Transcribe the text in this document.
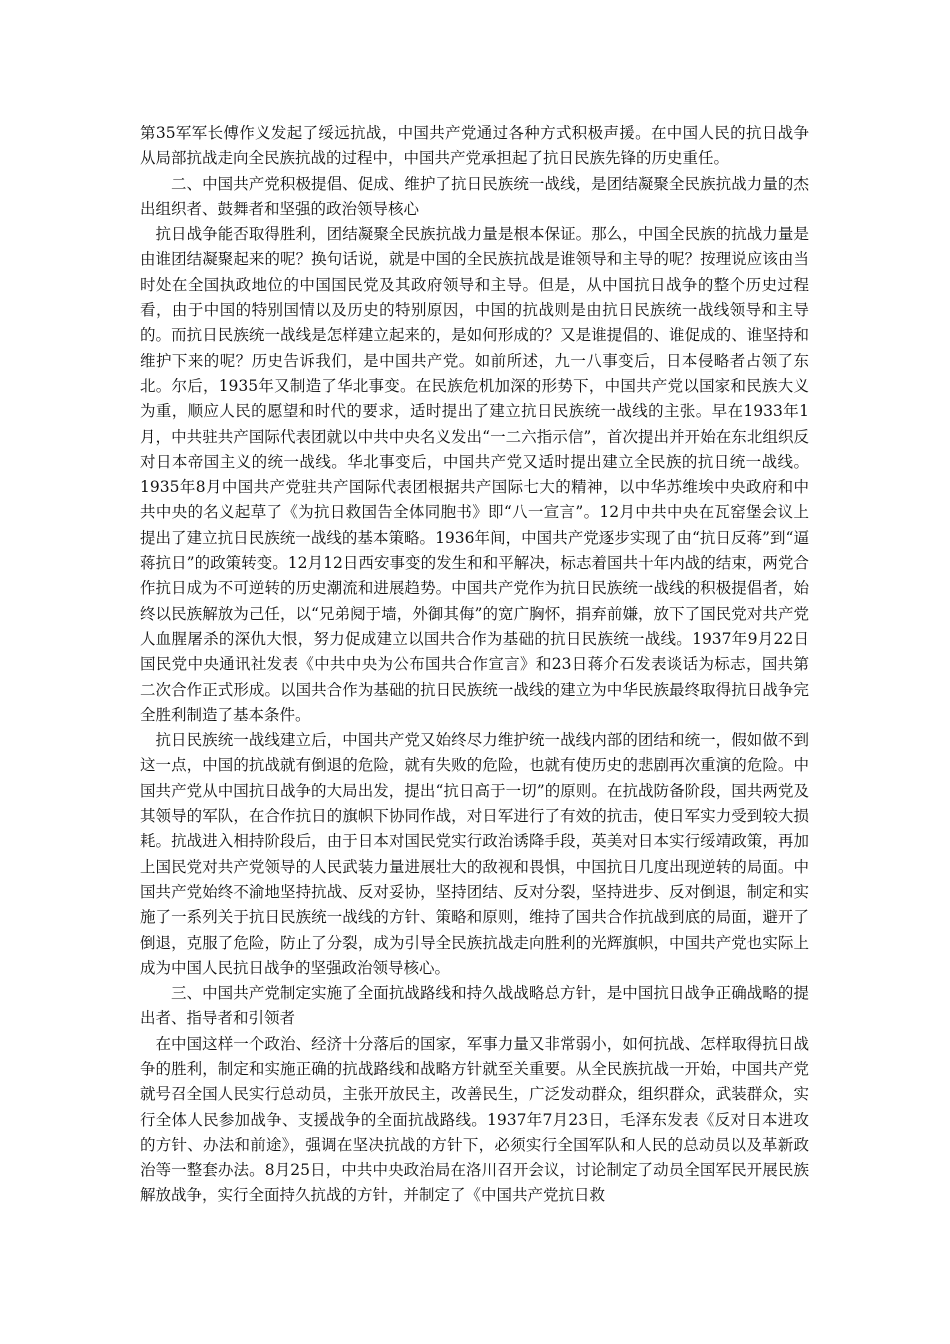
第35军军长傅作义发起了绥远抗战，中国共产党通过各种方式积极声援。在中国人民的抗日战争从局部抗战走向全民族抗战的过程中，中国共产党承担起了抗日民族先锋的历史重任。

二、中国共产党积极提倡、促成、维护了抗日民族统一战线，是团结凝聚全民族抗战力量的杰出组织者、鼓舞者和坚强的政治领导核心

抗日战争能否取得胜利，团结凝聚全民族抗战力量是根本保证。那么，中国全民族的抗战力量是由谁团结凝聚起来的呢？换句话说，就是中国的全民族抗战是谁领导和主导的呢？按理说应该由当时处在全国执政地位的中国国民党及其政府领导和主导。但是，从中国抗日战争的整个历史过程看，由于中国的特别国情以及历史的特别原因，中国的抗战则是由抗日民族统一战线领导和主导的。而抗日民族统一战线是怎样建立起来的，是如何形成的？又是谁提倡的、谁促成的、谁坚持和维护下来的呢？历史告诉我们，是中国共产党。如前所述，九一八事变后，日本侵略者占领了东北。尔后，1935年又制造了华北事变。在民族危机加深的形势下，中国共产党以国家和民族大义为重，顺应人民的愿望和时代的要求，适时提出了建立抗日民族统一战线的主张。早在1933年1月，中共驻共产国际代表团就以中共中央名义发出“一二六指示信”，首次提出并开始在东北组织反对日本帝国主义的统一战线。华北事变后，中国共产党又适时提出建立全民族的抗日统一战线。1935年8月中国共产党驻共产国际代表团根据共产国际七大的精神，以中华苏维埃中央政府和中共中央的名义起草了《为抗日救国告全体同胞书》即“八一宣言”。12月中共中央在瓦窑堡会议上提出了建立抗日民族统一战线的基本策略。1936年间，中国共产党逐步实现了由“抗日反蒋”到“逼蒋抗日”的政策转变。12月12日西安事变的发生和和平解决，标志着国共十年内战的结束，两党合作抗日成为不可逆转的历史潮流和进展趋势。中国共产党作为抗日民族统一战线的积极提倡者，始终以民族解放为己任，以“兄弟阋于墙，外御其侮”的宽广胸怀，捐弃前嫌，放下了国民党对共产党人血腥屠杀的深仇大恨，努力促成建立以国共合作为基础的抗日民族统一战线。1937年9月22日国民党中央通讯社发表《中共中央为公布国共合作宣言》和23日蒋介石发表谈话为标志，国共第二次合作正式形成。以国共合作为基础的抗日民族统一战线的建立为中华民族最终取得抗日战争完全胜利制造了基本条件。

抗日民族统一战线建立后，中国共产党又始终尽力维护统一战线内部的团结和统一，假如做不到这一点，中国的抗战就有倒退的危险，就有失败的危险，也就有使历史的悲剧再次重演的危险。中国共产党从中国抗日战争的大局出发，提出“抗日高于一切”的原则。在抗战防备阶段，国共两党及其领导的军队，在合作抗日的旗帜下协同作战，对日军进行了有效的抗击，使日军实力受到较大损耗。抗战进入相持阶段后，由于日本对国民党实行政治诱降手段，英美对日本实行绥靖政策，再加上国民党对共产党领导的人民武装力量进展壮大的敌视和畏惧，中国抗日几度出现逆转的局面。中国共产党始终不渝地坚持抗战、反对妥协，坚持团结、反对分裂，坚持进步、反对倒退，制定和实施了一系列关于抗日民族统一战线的方针、策略和原则，维持了国共合作抗战到底的局面，避开了倒退，克服了危险，防止了分裂，成为引导全民族抗战走向胜利的光辉旗帜，中国共产党也实际上成为中国人民抗日战争的坚强政治领导核心。

三、中国共产党制定实施了全面抗战路线和持久战战略总方针，是中国抗日战争正确战略的提出者、指导者和引领者

在中国这样一个政治、经济十分落后的国家，军事力量又非常弱小，如何抗战、怎样取得抗日战争的胜利，制定和实施正确的抗战路线和战略方针就至关重要。从全民族抗战一开始，中国共产党就号召全国人民实行总动员，主张开放民主，改善民生，广泛发动群众，组织群众，武装群众，实行全体人民参加战争、支援战争的全面抗战路线。1937年7月23日，毛泽东发表《反对日本进攻的方针、办法和前途》，强调在坚决抗战的方针下，必须实行全国军队和人民的总动员以及革新政治等一整套办法。8月25日，中共中央政治局在洛川召开会议，讨论制定了动员全国军民开展民族解放战争，实行全面持久抗战的方针，并制定了《中国共产党抗日救
